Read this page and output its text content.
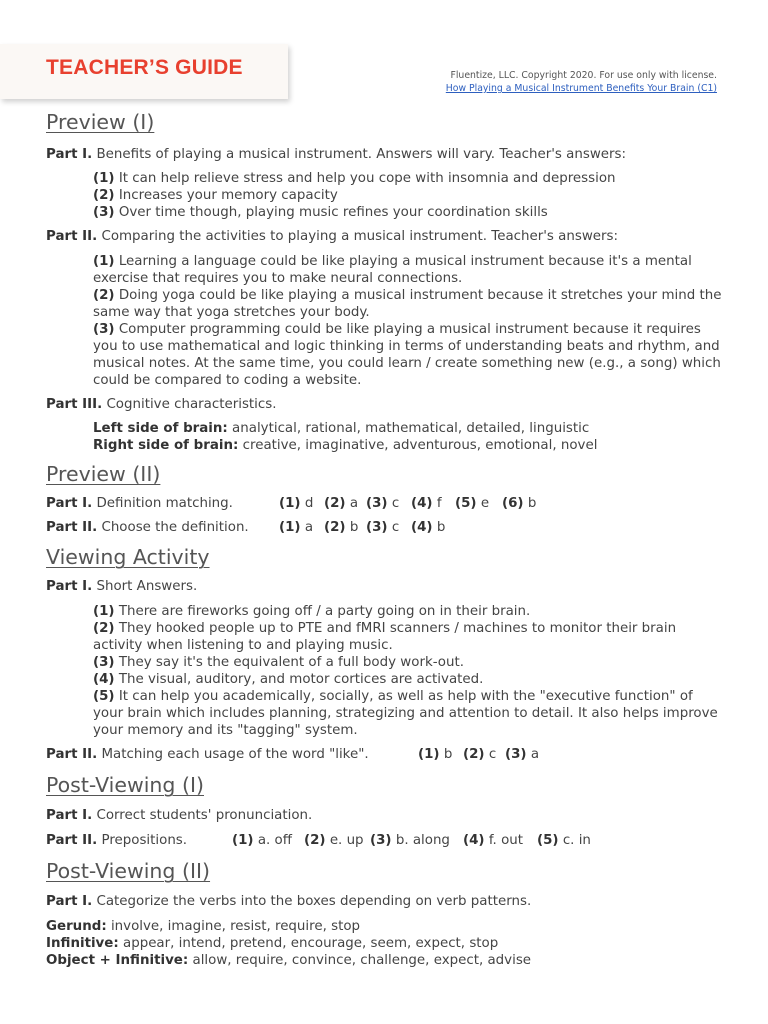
TEACHER’S GUIDE	Fluentize, LLC. Copyright 2020. For use only with license.
How Playing a Musical Instrument Benefits Your Brain (C1)
Preview (I)
Part I. Benefits of playing a musical instrument. Answers will vary. Teacher's answers:
(1) It can help relieve stress and help you cope with insomnia and depression
(2) Increases your memory capacity
(3) Over time though, playing music refines your coordination skills
Part II. Comparing the activities to playing a musical instrument. Teacher's answers:
(1) Learning a language could be like playing a musical instrument because it's a mental exercise that requires you to make neural connections.
(2) Doing yoga could be like playing a musical instrument because it stretches your mind the same way that yoga stretches your body.
(3) Computer programming could be like playing a musical instrument because it requires you to use mathematical and logic thinking in terms of understanding beats and rhythm, and musical notes. At the same time, you could learn / create something new (e.g., a song) which could be compared to coding a website.
Part III. Cognitive characteristics.
Left side of brain: analytical, rational, mathematical, detailed, linguistic
Right side of brain: creative, imaginative, adventurous, emotional, novel
Preview (II)
Part I. Definition matching.	(1) d (2) a (3) c (4) f (5) e (6) b
Part II. Choose the definition. (1) a (2) b (3) c (4) b
Viewing Activity
Part I. Short Answers.
(1) There are fireworks going off / a party going on in their brain.
(2) They hooked people up to PTE and fMRI scanners / machines to monitor their brain activity when listening to and playing music.
(3) They say it's the equivalent of a full body work-out.
(4) The visual, auditory, and motor cortices are activated.
(5) It can help you academically, socially, as well as help with the "executive function" of your brain which includes planning, strategizing and attention to detail. It also helps improve your memory and its "tagging" system.
Part II. Matching each usage of the word "like".	(1) b (2) c (3) a
Post-Viewing (I)
Part I. Correct students' pronunciation.
Part II. Prepositions.	(1) a. off (2) e. up (3) b. along (4) f. out (5) c. in
Post-Viewing (II)
Part I. Categorize the verbs into the boxes depending on verb patterns.
Gerund: involve, imagine, resist, require, stop
Infinitive: appear, intend, pretend, encourage, seem, expect, stop
Object + Infinitive: allow, require, convince, challenge, expect, advise
